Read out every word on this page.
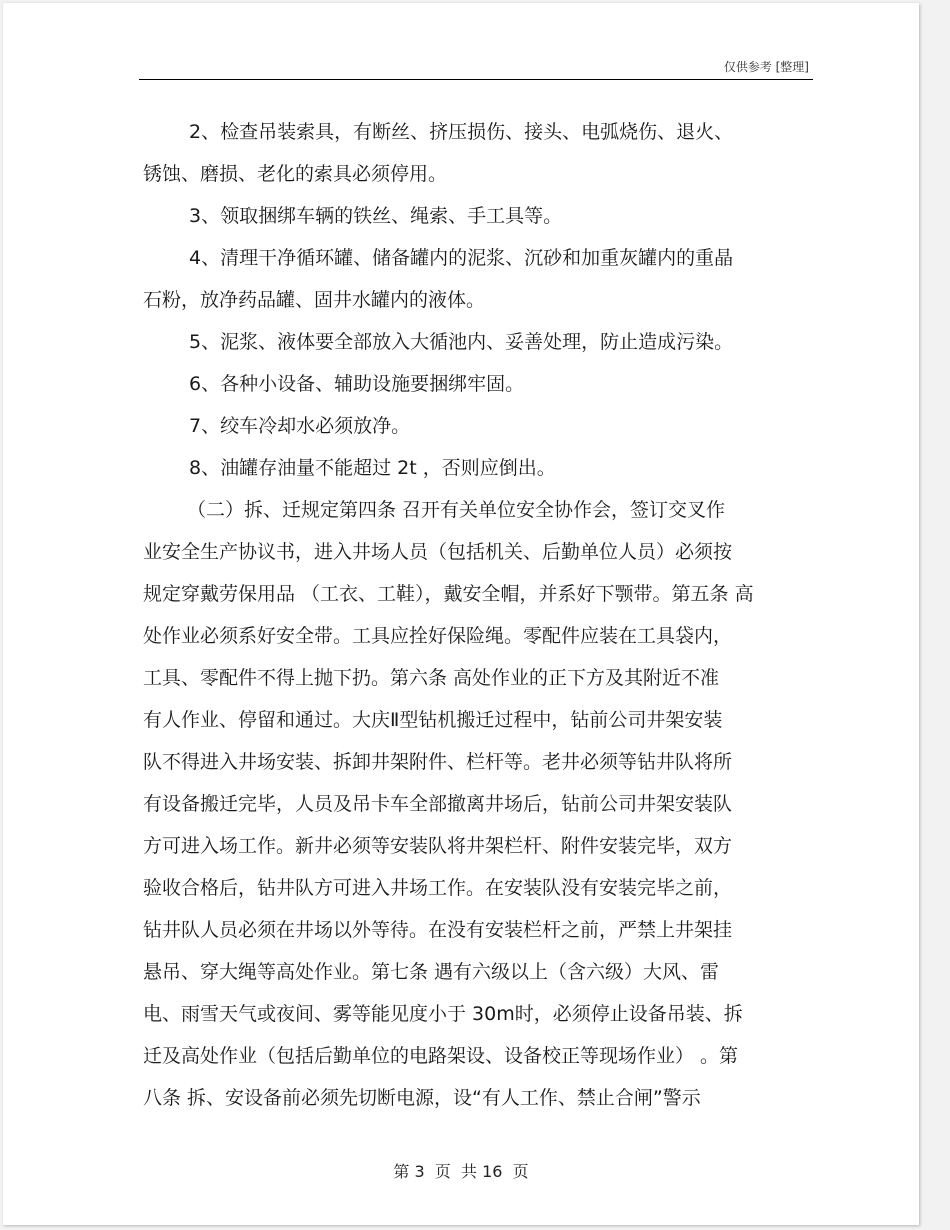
仅供参考 [整理]
2、检查吊装索具，有断丝、挤压损伤、接头、电弧烧伤、退火、
锈蚀、磨损、老化的索具必须停用。
3、领取捆绑车辆的铁丝、绳索、手工具等。
4、清理干净循环罐、储备罐内的泥浆、沉砂和加重灰罐内的重晶
石粉，放净药品罐、固井水罐内的液体。
5、泥浆、液体要全部放入大循池内、妥善处理，防止造成污染。
6、各种小设备、辅助设施要捆绑牢固。
7、绞车冷却水必须放净。
8、油罐存油量不能超过 2t ，否则应倒出。
（二）拆、迁规定第四条 召开有关单位安全协作会，签订交叉作
业安全生产协议书，进入井场人员（包括机关、后勤单位人员）必须按
规定穿戴劳保用品 （工衣、工鞋），戴安全帽，并系好下颚带。第五条 高
处作业必须系好安全带。工具应拴好保险绳。零配件应装在工具袋内，
工具、零配件不得上抛下扔。第六条 高处作业的正下方及其附近不准
有人作业、停留和通过。大庆Ⅱ型钻机搬迁过程中，钻前公司井架安装
队不得进入井场安装、拆卸井架附件、栏杆等。老井必须等钻井队将所
有设备搬迁完毕，人员及吊卡车全部撤离井场后，钻前公司井架安装队
方可进入场工作。新井必须等安装队将井架栏杆、附件安装完毕，双方
验收合格后，钻井队方可进入井场工作。在安装队没有安装完毕之前，
钻井队人员必须在井场以外等待。在没有安装栏杆之前，严禁上井架挂
悬吊、穿大绳等高处作业。第七条 遇有六级以上（含六级）大风、雷
电、雨雪天气或夜间、雾等能见度小于 30m时，必须停止设备吊装、拆
迁及高处作业（包括后勤单位的电路架设、设备校正等现场作业） 。第
八条 拆、安设备前必须先切断电源，设“有人工作、禁止合闸”警示
第 3  页  共 16  页
